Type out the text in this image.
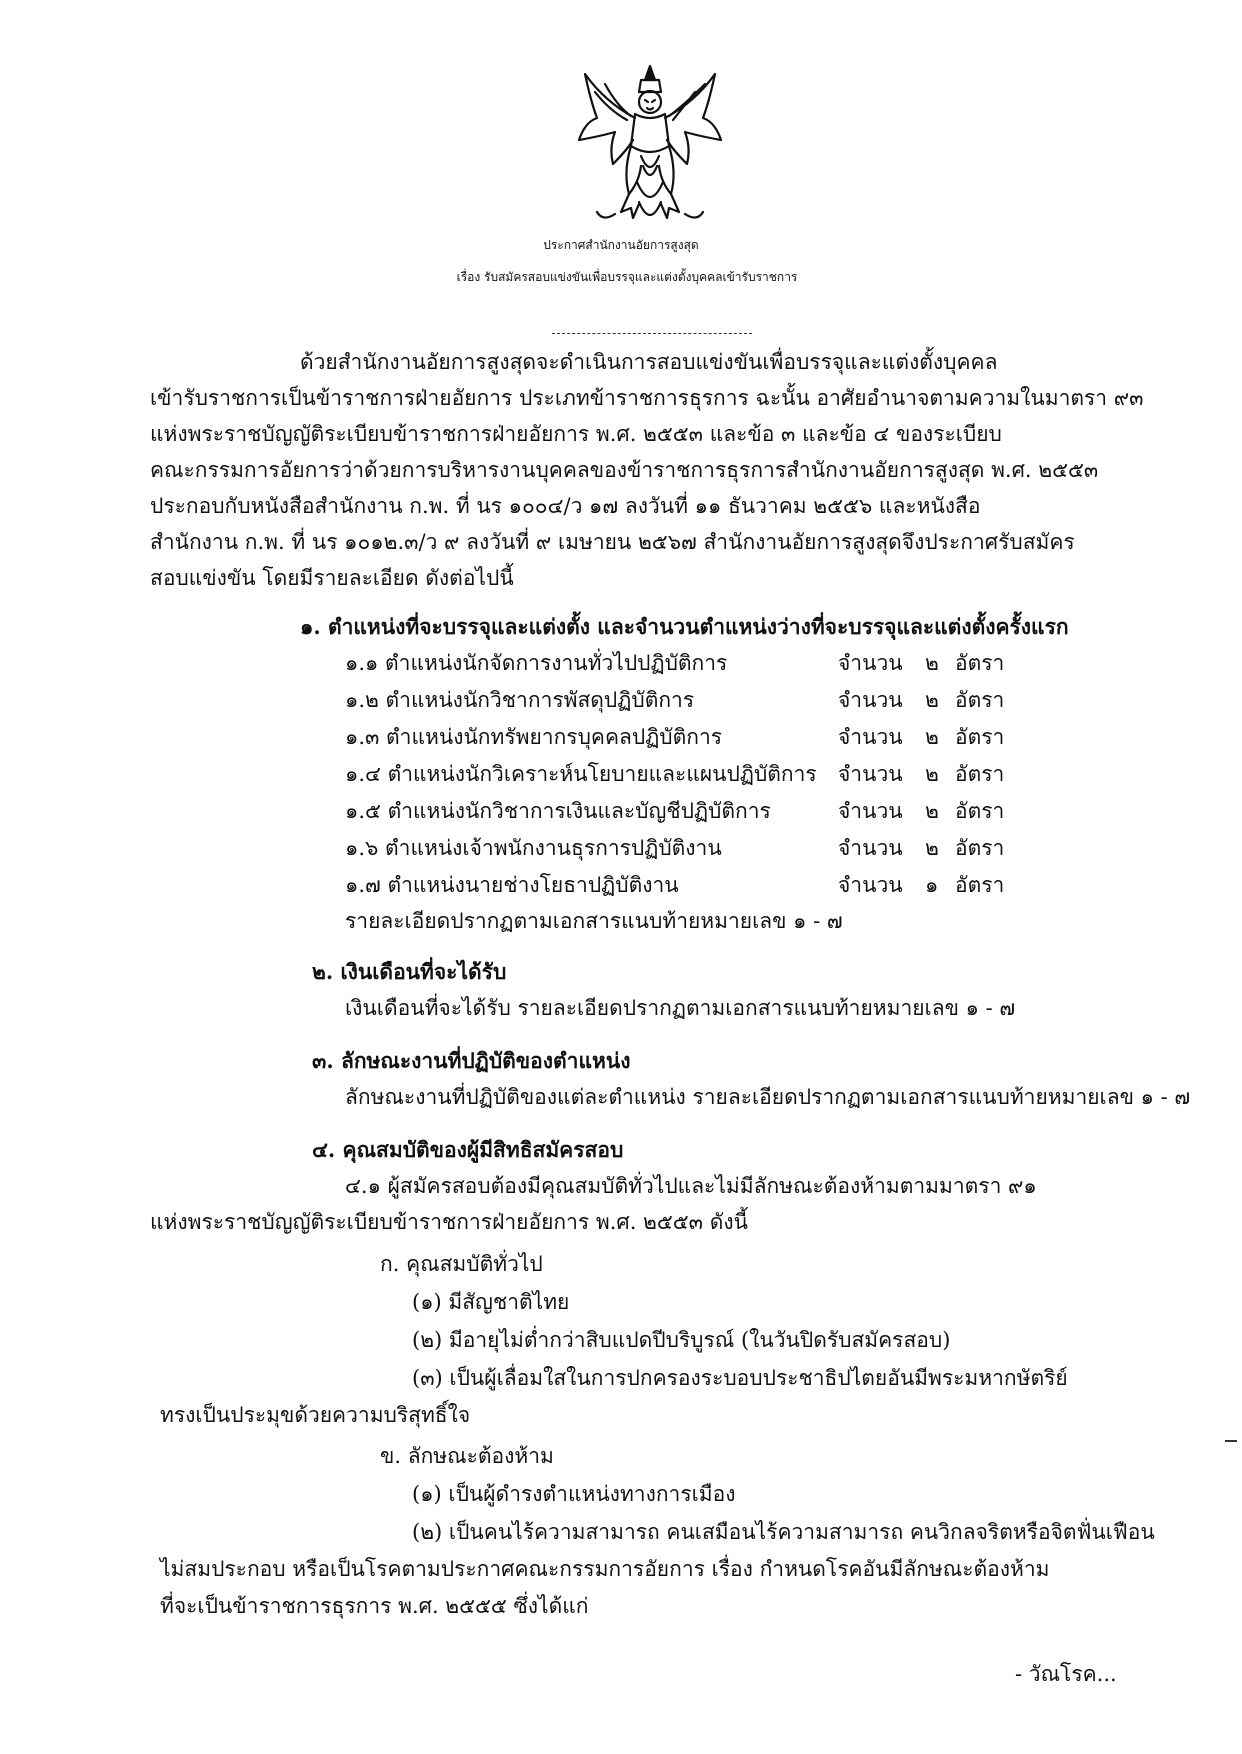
ประกาศสำนักงานอัยการสูงสุด
เรื่อง รับสมัครสอบแข่งขันเพื่อบรรจุและแต่งตั้งบุคคลเข้ารับราชการ
ด้วยสำนักงานอัยการสูงสุดจะดำเนินการสอบแข่งขันเพื่อบรรจุและแต่งตั้งบุคคล
เข้ารับราชการเป็นข้าราชการฝ่ายอัยการ ประเภทข้าราชการธุรการ ฉะนั้น อาศัยอำนาจตามความในมาตรา ๙๓
แห่งพระราชบัญญัติระเบียบข้าราชการฝ่ายอัยการ พ.ศ. ๒๕๕๓ และข้อ ๓ และข้อ ๔ ของระเบียบ
คณะกรรมการอัยการว่าด้วยการบริหารงานบุคคลของข้าราชการธุรการสำนักงานอัยการสูงสุด พ.ศ. ๒๕๕๓
ประกอบกับหนังสือสำนักงาน ก.พ. ที่ นร ๑๐๐๔/ว ๑๗ ลงวันที่ ๑๑ ธันวาคม ๒๕๕๖ และหนังสือ
สำนักงาน ก.พ. ที่ นร ๑๐๑๒.๓/ว ๙ ลงวันที่ ๙ เมษายน ๒๕๖๗ สำนักงานอัยการสูงสุดจึงประกาศรับสมัคร
สอบแข่งขัน โดยมีรายละเอียด ดังต่อไปนี้
๑. ตำแหน่งที่จะบรรจุและแต่งตั้ง และจำนวนตำแหน่งว่างที่จะบรรจุและแต่งตั้งครั้งแรก
๑.๑ ตำแหน่งนักจัดการงานทั่วไปปฏิบัติการ	จำนวน ๒ อัตรา
๑.๒ ตำแหน่งนักวิชาการพัสดุปฏิบัติการ	จำนวน ๒ อัตรา
๑.๓ ตำแหน่งนักทรัพยากรบุคคลปฏิบัติการ	จำนวน ๒ อัตรา
๑.๔ ตำแหน่งนักวิเคราะห์นโยบายและแผนปฏิบัติการ จำนวน ๒ อัตรา
๑.๕ ตำแหน่งนักวิชาการเงินและบัญชีปฏิบัติการ	จำนวน ๒ อัตรา
๑.๖ ตำแหน่งเจ้าพนักงานธุรการปฏิบัติงาน	จำนวน ๒ อัตรา
๑.๗ ตำแหน่งนายช่างโยธาปฏิบัติงาน	จำนวน ๑ อัตรา
รายละเอียดปรากฏตามเอกสารแนบท้ายหมายเลข ๑ - ๗
๒. เงินเดือนที่จะได้รับ
เงินเดือนที่จะได้รับ รายละเอียดปรากฏตามเอกสารแนบท้ายหมายเลข ๑ - ๗
๓. ลักษณะงานที่ปฏิบัติของตำแหน่ง
ลักษณะงานที่ปฏิบัติของแต่ละตำแหน่ง รายละเอียดปรากฏตามเอกสารแนบท้ายหมายเลข ๑ - ๗
๔. คุณสมบัติของผู้มีสิทธิสมัครสอบ
๔.๑ ผู้สมัครสอบต้องมีคุณสมบัติทั่วไปและไม่มีลักษณะต้องห้ามตามมาตรา ๙๑
แห่งพระราชบัญญัติระเบียบข้าราชการฝ่ายอัยการ พ.ศ. ๒๕๕๓ ดังนี้
ก. คุณสมบัติทั่วไป
(๑) มีสัญชาติไทย
(๒) มีอายุไม่ต่ำกว่าสิบแปดปีบริบูรณ์ (ในวันปิดรับสมัครสอบ)
(๓) เป็นผู้เลื่อมใสในการปกครองระบอบประชาธิปไตยอันมีพระมหากษัตริย์
ทรงเป็นประมุขด้วยความบริสุทธิ์ใจ
ข. ลักษณะต้องห้าม
(๑) เป็นผู้ดำรงตำแหน่งทางการเมือง
(๒) เป็นคนไร้ความสามารถ คนเสมือนไร้ความสามารถ คนวิกลจริตหรือจิตฟั่นเฟือน
ไม่สมประกอบ หรือเป็นโรคตามประกาศคณะกรรมการอัยการ เรื่อง กำหนดโรคอันมีลักษณะต้องห้าม
ที่จะเป็นข้าราชการธุรการ พ.ศ. ๒๕๕๕ ซึ่งได้แก่
- วัณโรค...
